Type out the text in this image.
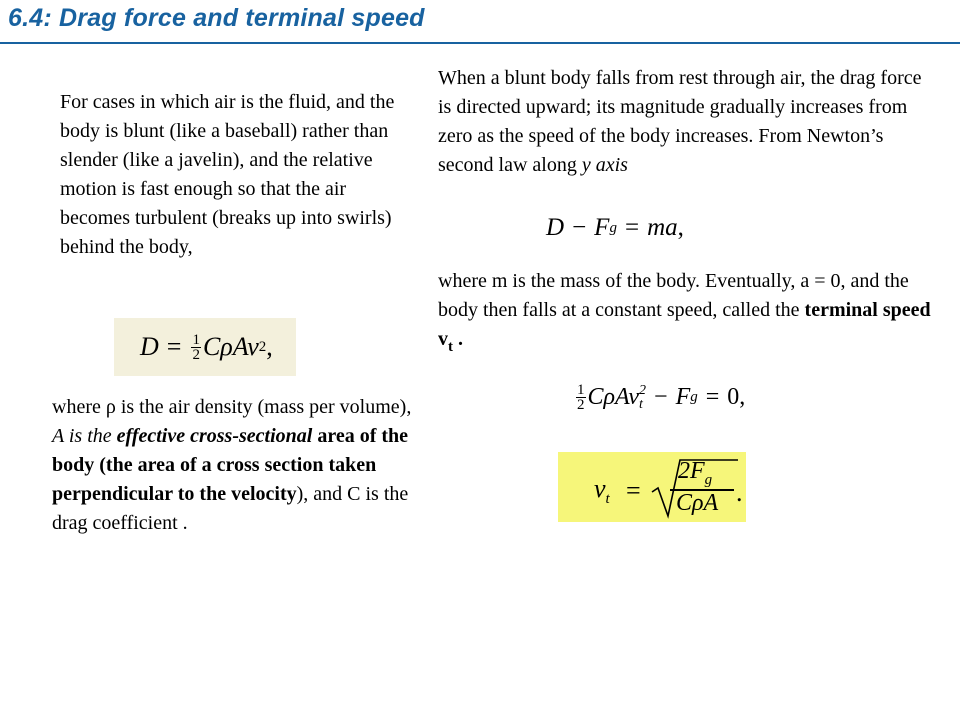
6.4: Drag force and terminal speed
For cases in which air is the fluid, and the body is blunt (like a baseball) rather than slender (like a javelin), and the relative motion is fast enough so that the air becomes turbulent (breaks up into swirls) behind the body,
$D = \frac{1}{2}$ CρAv 2 ,
where ρ is the air density (mass per volume), A is the effective cross-sectional area of the body (the area of a cross section taken perpendicular to the velocity), and C is the drag coefficient .
When a blunt body falls from rest through air, the drag force is directed upward; its magnitude gradually increases from zero as the speed of the body increases. From Newton’s second law along y axis
D − F g = ma ,
where m is the mass of the body. Eventually, a = 0, and the body then falls at a constant speed, called the terminal speed $v_t$ .
$\frac{1}{2}$ CρAv 2
t − F g = 0 ,
$v_t$ =
$2F_g$
CρA .
